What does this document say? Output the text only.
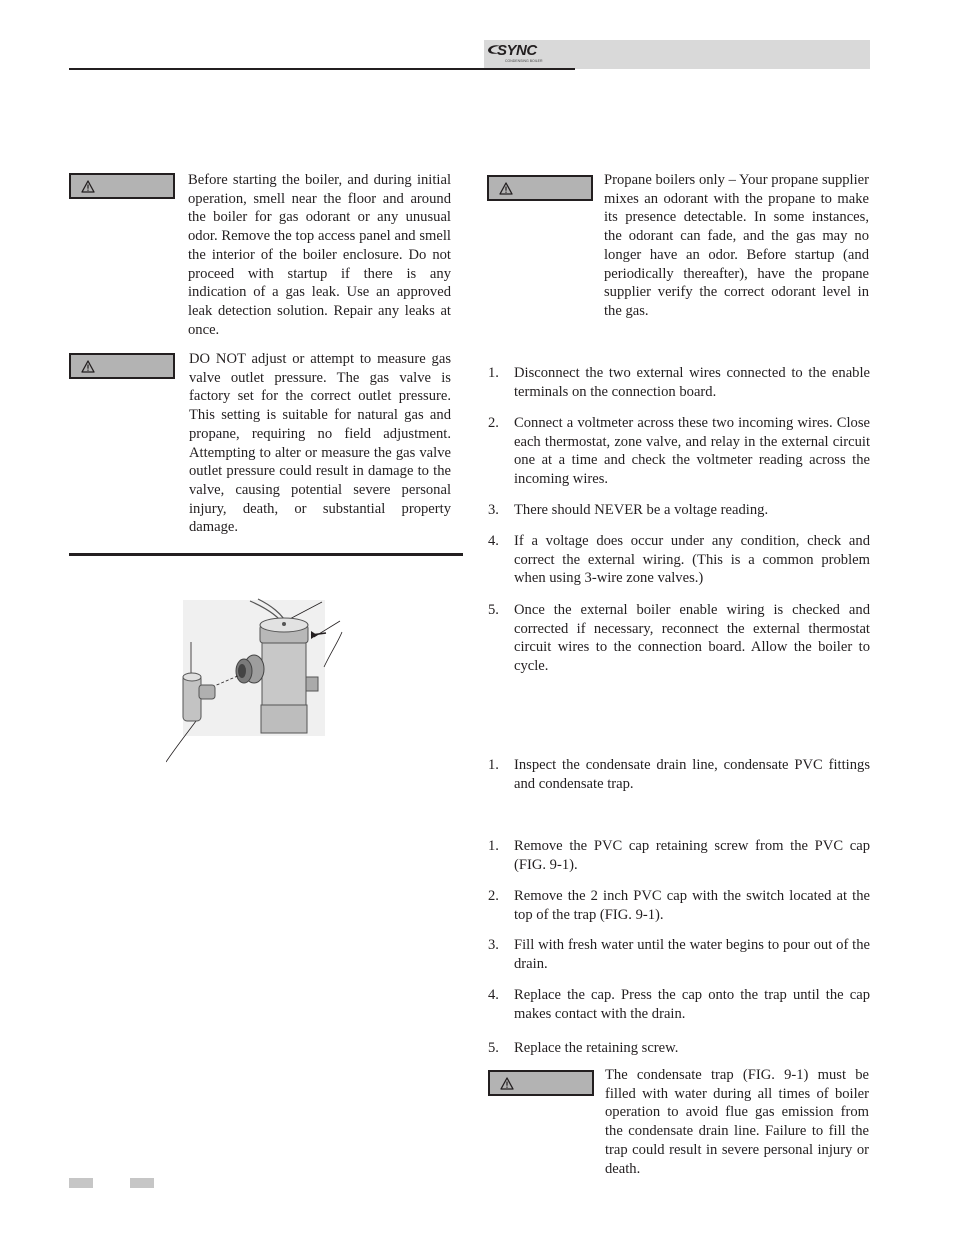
SYNC
CONDENSING BOILER
Before starting the boiler, and during initial operation, smell near the floor and around the boiler for gas odorant or any unusual odor. Remove the top access panel and smell the interior of the boiler enclosure. Do not proceed with startup if there is any indication of a gas leak. Use an approved leak detection solution. Repair any leaks at once.
DO NOT adjust or attempt to measure gas valve outlet pressure. The gas valve is factory set for the correct outlet pressure. This setting is suitable for natural gas and propane, requiring no field adjustment. Attempting to alter or measure the gas valve outlet pressure could result in damage to the valve, causing potential severe personal injury, death, or substantial property damage.
Propane boilers only – Your propane supplier mixes an odorant with the propane to make its presence detectable. In some instances, the odorant can fade, and the gas may no longer have an odor. Before startup (and periodically thereafter), have the propane supplier verify the correct odorant level in the gas.
1. Disconnect the two external wires connected to the enable terminals on the connection board.
2. Connect a voltmeter across these two incoming wires. Close each thermostat, zone valve, and relay in the external circuit one at a time and check the voltmeter reading across the incoming wires.
3. There should NEVER be a voltage reading.
4. If a voltage does occur under any condition, check and correct the external wiring. (This is a common problem when using 3-wire zone valves.)
5. Once the external boiler enable wiring is checked and corrected if necessary, reconnect the external thermostat circuit wires to the connection board. Allow the boiler to cycle.
1. Inspect the condensate drain line, condensate PVC fittings and condensate trap.
1. Remove the PVC cap retaining screw from the PVC cap (FIG. 9-1).
2. Remove the 2 inch PVC cap with the switch located at the top of the trap (FIG. 9-1).
3. Fill with fresh water until the water begins to pour out of the drain.
4. Replace the cap. Press the cap onto the trap until the cap makes contact with the drain.
5. Replace the retaining screw.
The condensate trap (FIG. 9-1) must be filled with water during all times of boiler operation to avoid flue gas emission from the condensate drain line. Failure to fill the trap could result in severe personal injury or death.
